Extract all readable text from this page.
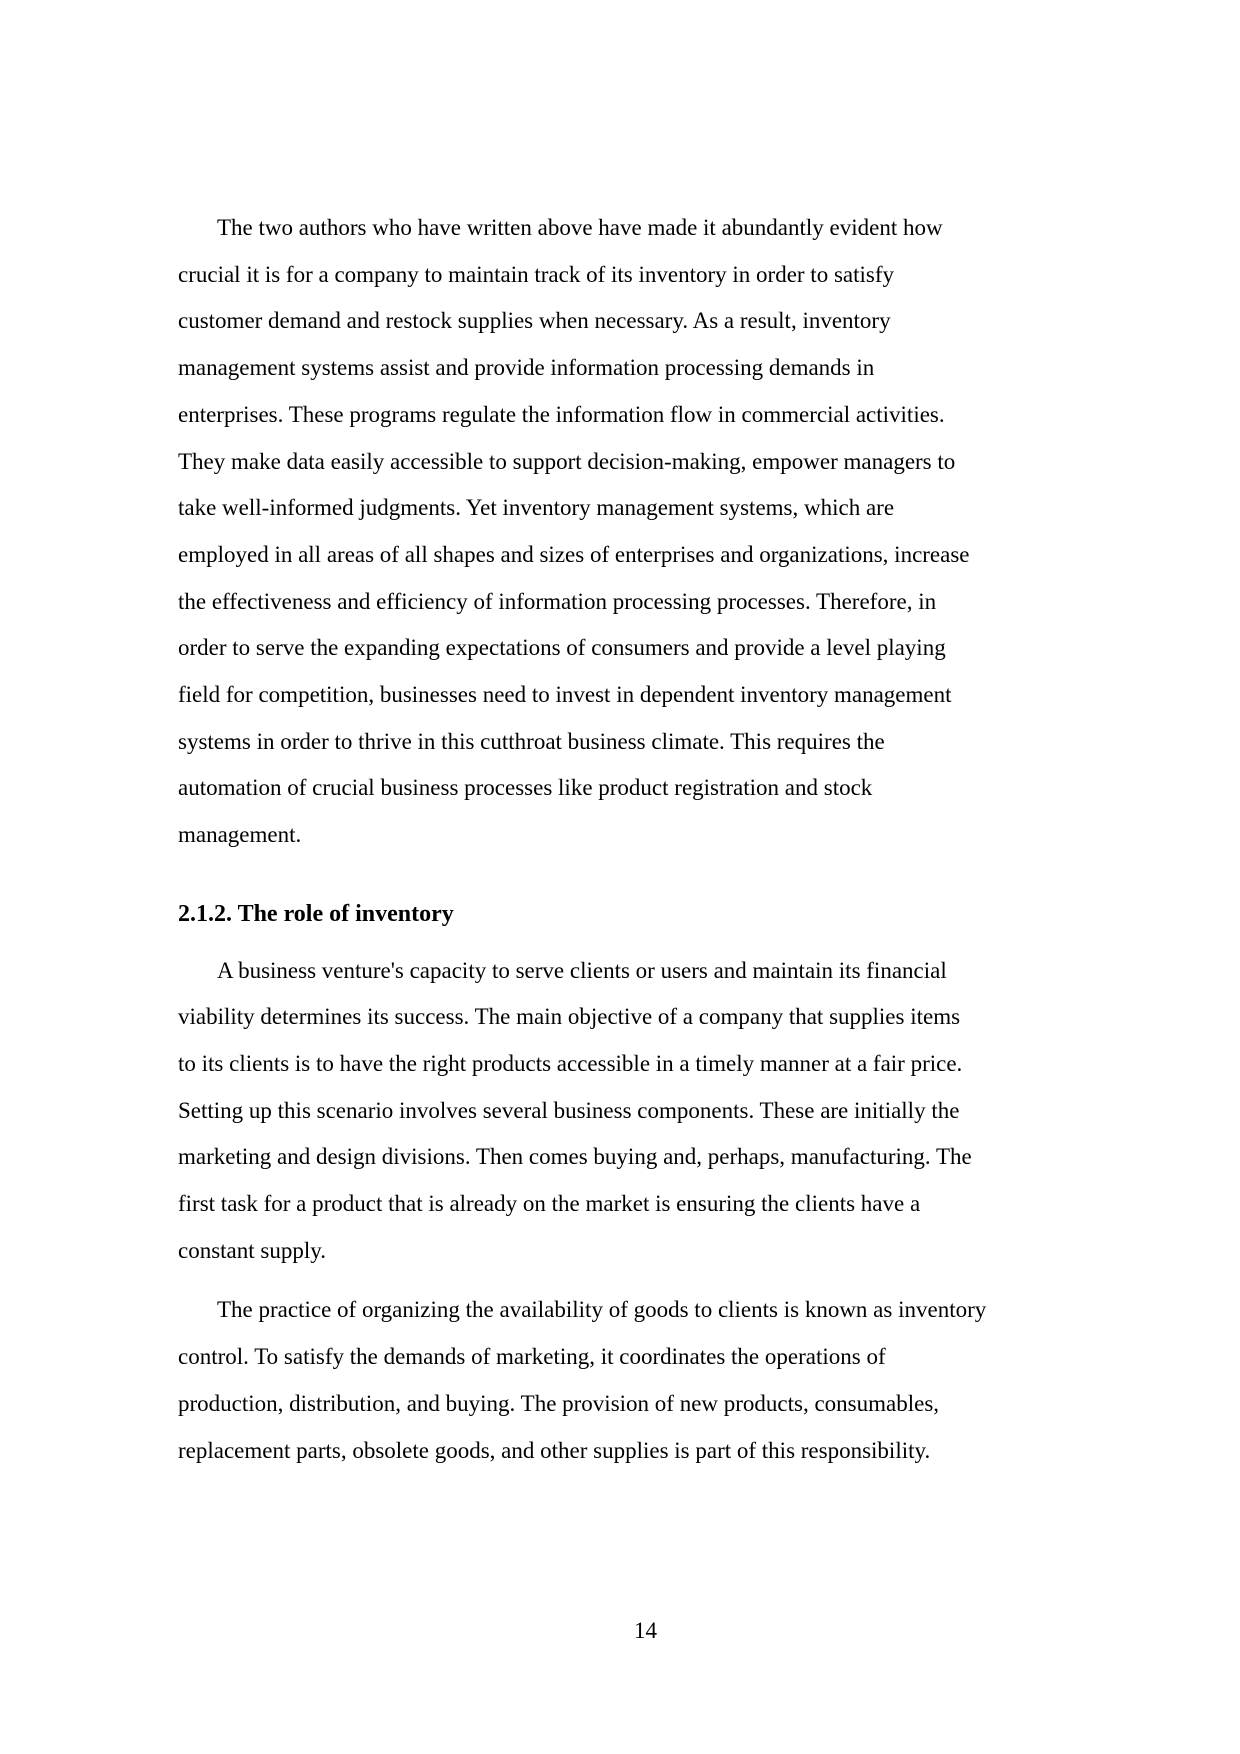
The two authors who have written above have made it abundantly evident how
crucial it is for a company to maintain track of its inventory in order to satisfy
customer demand and restock supplies when necessary. As a result, inventory
management systems assist and provide information processing demands in
enterprises. These programs regulate the information flow in commercial activities.
They make data easily accessible to support decision-making, empower managers to
take well-informed judgments. Yet inventory management systems, which are
employed in all areas of all shapes and sizes of enterprises and organizations, increase
the effectiveness and efficiency of information processing processes. Therefore, in
order to serve the expanding expectations of consumers and provide a level playing
field for competition, businesses need to invest in dependent inventory management
systems in order to thrive in this cutthroat business climate. This requires the
automation of crucial business processes like product registration and stock
management.
2.1.2. The role of inventory
A business venture's capacity to serve clients or users and maintain its financial
viability determines its success. The main objective of a company that supplies items
to its clients is to have the right products accessible in a timely manner at a fair price.
Setting up this scenario involves several business components. These are initially the
marketing and design divisions. Then comes buying and, perhaps, manufacturing. The
first task for a product that is already on the market is ensuring the clients have a
constant supply.
The practice of organizing the availability of goods to clients is known as inventory
control. To satisfy the demands of marketing, it coordinates the operations of
production, distribution, and buying. The provision of new products, consumables,
replacement parts, obsolete goods, and other supplies is part of this responsibility.
14
